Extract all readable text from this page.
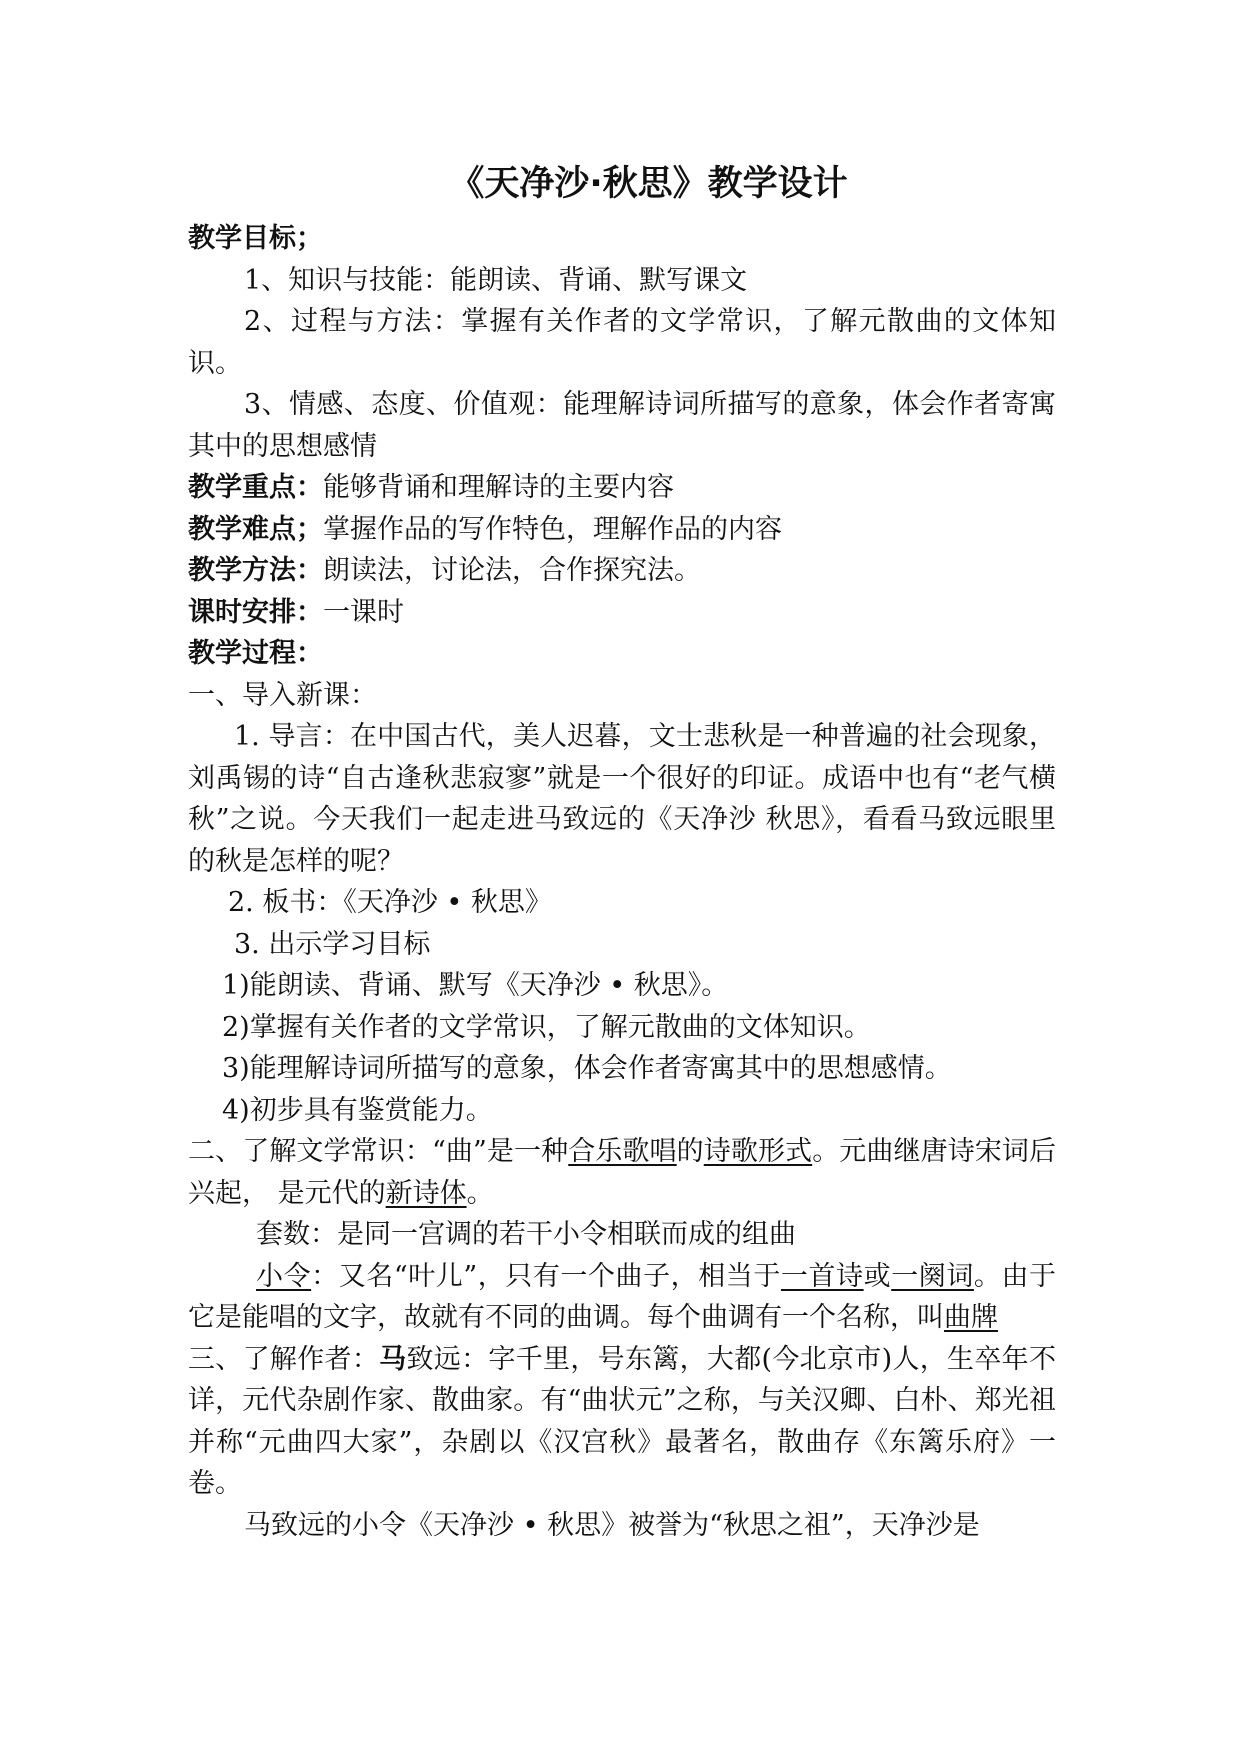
《天净沙·秋思》教学设计

教学目标；

1、知识与技能：能朗读、背诵、默写课文

2、过程与方法：掌握有关作者的文学常识，了解元散曲的文体知识。

3、情感、态度、价值观：能理解诗词所描写的意象，体会作者寄寓其中的思想感情

教学重点：能够背诵和理解诗的主要内容

教学难点；掌握作品的写作特色，理解作品的内容

教学方法：朗读法，讨论法，合作探究法。

课时安排：一课时

教学过程：

一、导入新课：

1. 导言：在中国古代，美人迟暮，文士悲秋是一种普遍的社会现象，刘禹锡的诗“自古逢秋悲寂寥”就是一个很好的印证。成语中也有“老气横秋”之说。今天我们一起走进马致远的《天净沙 秋思》，看看马致远眼里的秋是怎样的呢？

2. 板书：《天净沙 • 秋思》

3. 出示学习目标

1)能朗读、背诵、默写《天净沙 • 秋思》。

2)掌握有关作者的文学常识，了解元散曲的文体知识。

3)能理解诗词所描写的意象，体会作者寄寓其中的思想感情。

4)初步具有鉴赏能力。

二、了解文学常识：“曲”是一种合乐歌唱的诗歌形式。元曲继唐诗宋词后兴起， 是元代的新诗体。

套数：是同一宫调的若干小令相联而成的组曲

小令：又名“叶儿”，只有一个曲子，相当于一首诗或一阕词。由于它是能唱的文字，故就有不同的曲调。每个曲调有一个名称，叫曲牌

三、了解作者：马致远：字千里，号东篱，大都(今北京市)人，生卒年不详，元代杂剧作家、散曲家。有“曲状元”之称，与关汉卿、白朴、郑光祖并称“元曲四大家”，杂剧以《汉宫秋》最著名，散曲存《东篱乐府》一卷。

马致远的小令《天净沙 • 秋思》被誉为“秋思之祖”，天净沙是
